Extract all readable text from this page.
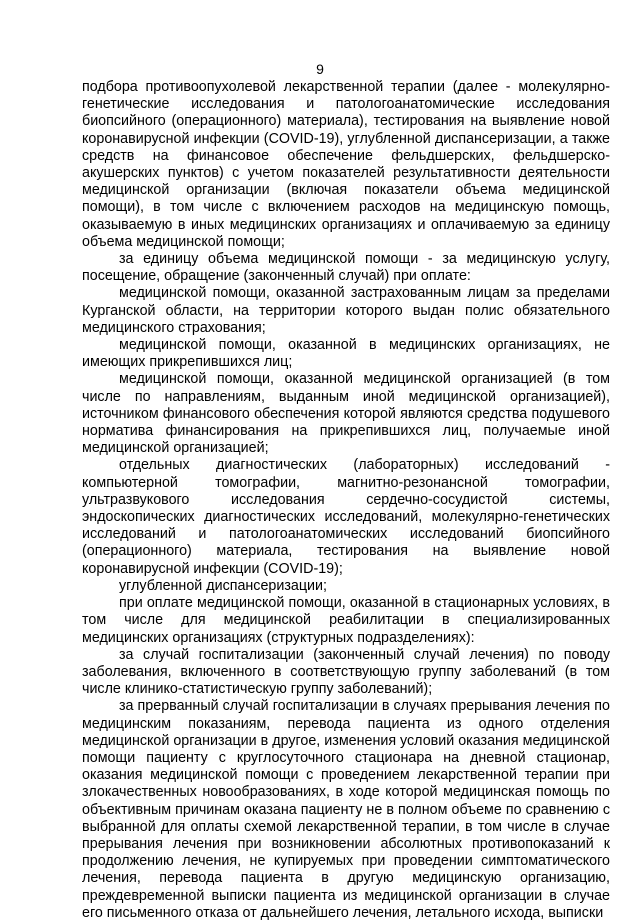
9

подбора противоопухолевой лекарственной терапии (далее - молекулярно-генетические исследования и патологоанатомические исследования биопсийного (операционного) материала), тестирования на выявление новой коронавирусной инфекции (COVID-19), углубленной диспансеризации, а также средств на финансовое обеспечение фельдшерских, фельдшерско-акушерских пунктов) с учетом показателей результативности деятельности медицинской организации (включая показатели объема медицинской помощи), в том числе с включением расходов на медицинскую помощь, оказываемую в иных медицинских организациях и оплачиваемую за единицу объема медицинской помощи;

за единицу объема медицинской помощи - за медицинскую услугу, посещение, обращение (законченный случай) при оплате:

медицинской помощи, оказанной застрахованным лицам за пределами Курганской области, на территории которого выдан полис обязательного медицинского страхования;

медицинской помощи, оказанной в медицинских организациях, не имеющих прикрепившихся лиц;

медицинской помощи, оказанной медицинской организацией (в том числе по направлениям, выданным иной медицинской организацией), источником финансового обеспечения которой являются средства подушевого норматива финансирования на прикрепившихся лиц, получаемые иной медицинской организацией;

отдельных диагностических (лабораторных) исследований - компьютерной томографии, магнитно-резонансной томографии, ультразвукового исследования сердечно-сосудистой системы, эндоскопических диагностических исследований, молекулярно-генетических исследований и патологоанатомических исследований биопсийного (операционного) материала, тестирования на выявление новой коронавирусной инфекции (COVID-19);

углубленной диспансеризации;

при оплате медицинской помощи, оказанной в стационарных условиях, в том числе для медицинской реабилитации в специализированных медицинских организациях (структурных подразделениях):

за случай госпитализации (законченный случай лечения) по поводу заболевания, включенного в соответствующую группу заболеваний (в том числе клинико-статистическую группу заболеваний);

за прерванный случай госпитализации в случаях прерывания лечения по медицинским показаниям, перевода пациента из одного отделения медицинской организации в другое, изменения условий оказания медицинской помощи пациенту с круглосуточного стационара на дневной стационар, оказания медицинской помощи с проведением лекарственной терапии при злокачественных новообразованиях, в ходе которой медицинская помощь по объективным причинам оказана пациенту не в полном объеме по сравнению с выбранной для оплаты схемой лекарственной терапии, в том числе в случае прерывания лечения при возникновении абсолютных противопоказаний к продолжению лечения, не купируемых при проведении симптоматического лечения, перевода пациента в другую медицинскую организацию, преждевременной выписки пациента из медицинской организации в случае его письменного отказа от дальнейшего лечения, летального исхода, выписки
